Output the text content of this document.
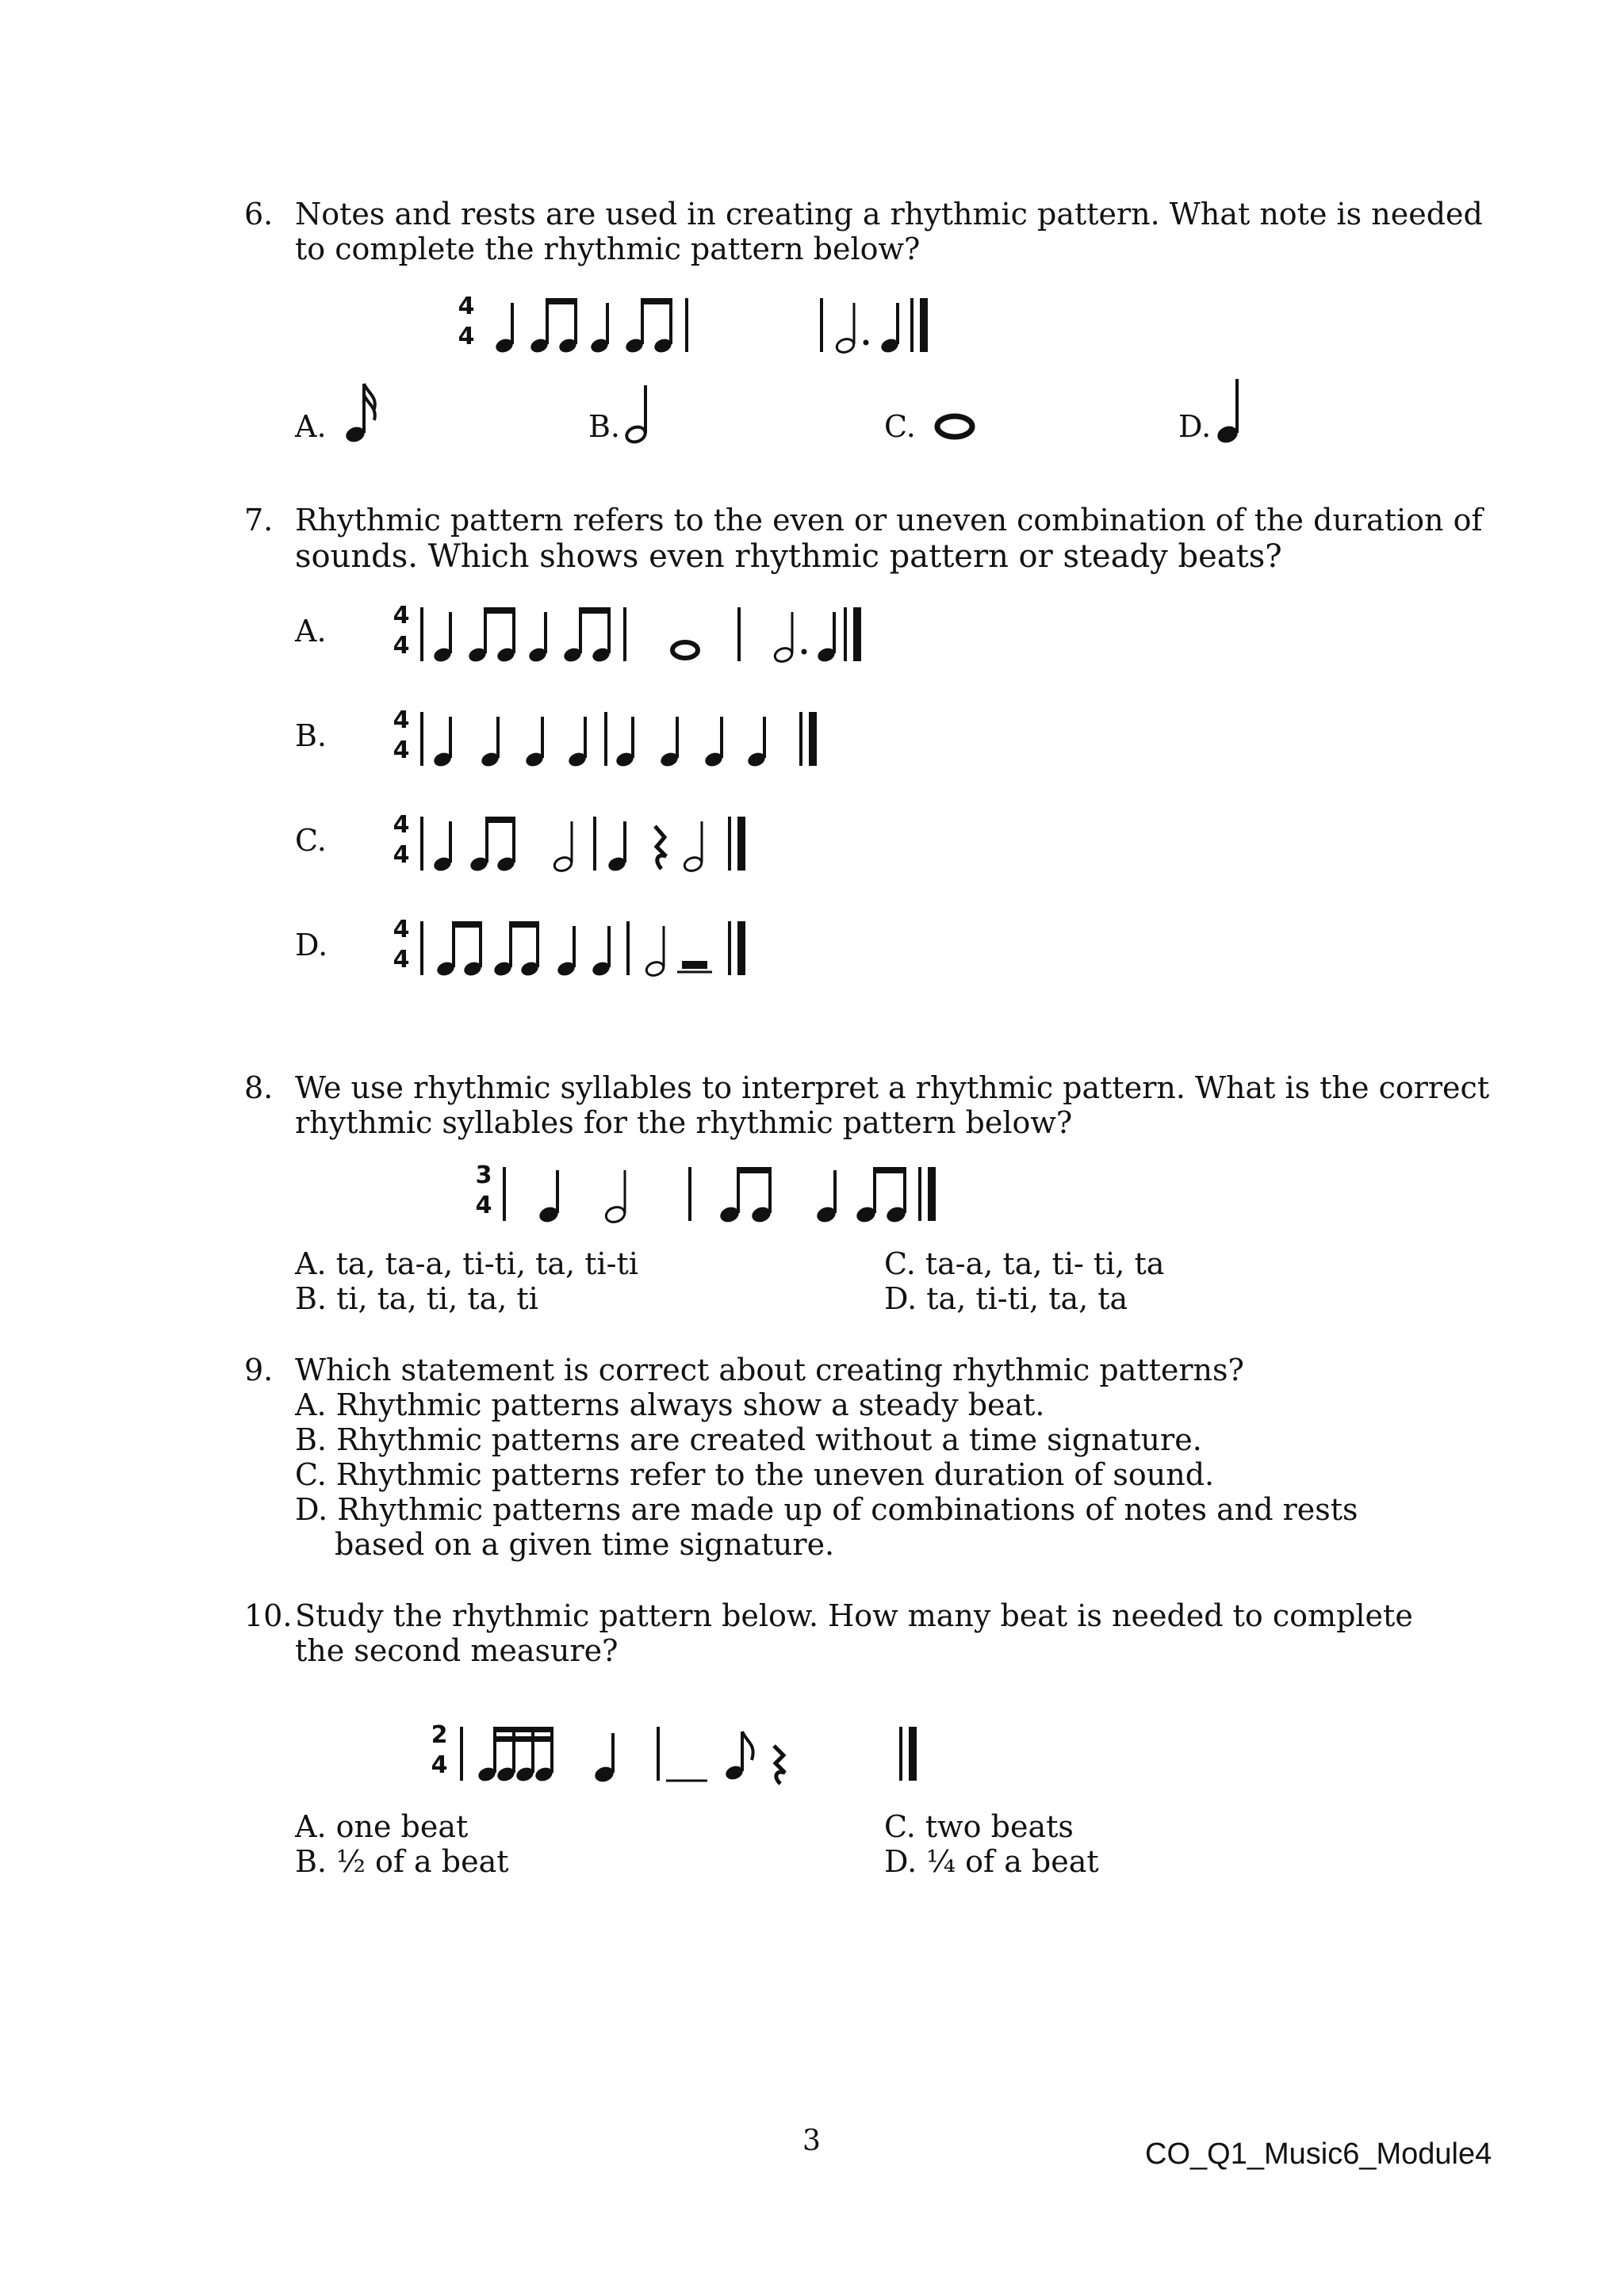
6. Notes and rests are used in creating a rhythmic pattern. What note is needed
to complete the rhythmic pattern below?
4
4
A.	B.	C.	D.
7. Rhythmic pattern refers to the even or uneven combination of the duration of
sounds. Which shows even rhythmic pattern or steady beats?
A.	4
4
B.	4
4
C.	4
4
D.	4
4
8. We use rhythmic syllables to interpret a rhythmic pattern. What is the correct
rhythmic syllables for the rhythmic pattern below?
3
4
A. ta, ta-a, ti-ti, ta, ti-ti
B. ti, ta, ti, ta, ti
C. ta-a, ta, ti- ti, ta
D. ta, ti-ti, ta, ta
9. Which statement is correct about creating rhythmic patterns?
A. Rhythmic patterns always show a steady beat.
B. Rhythmic patterns are created without a time signature.
C. Rhythmic patterns refer to the uneven duration of sound.
D. Rhythmic patterns are made up of combinations of notes and rests
based on a given time signature.
10. Study the rhythmic pattern below. How many beat is needed to complete
the second measure?
2
4
A. one beat
B. ½ of a beat
C. two beats
D. ¼ of a beat
3	CO_Q1_Music6_Module4
